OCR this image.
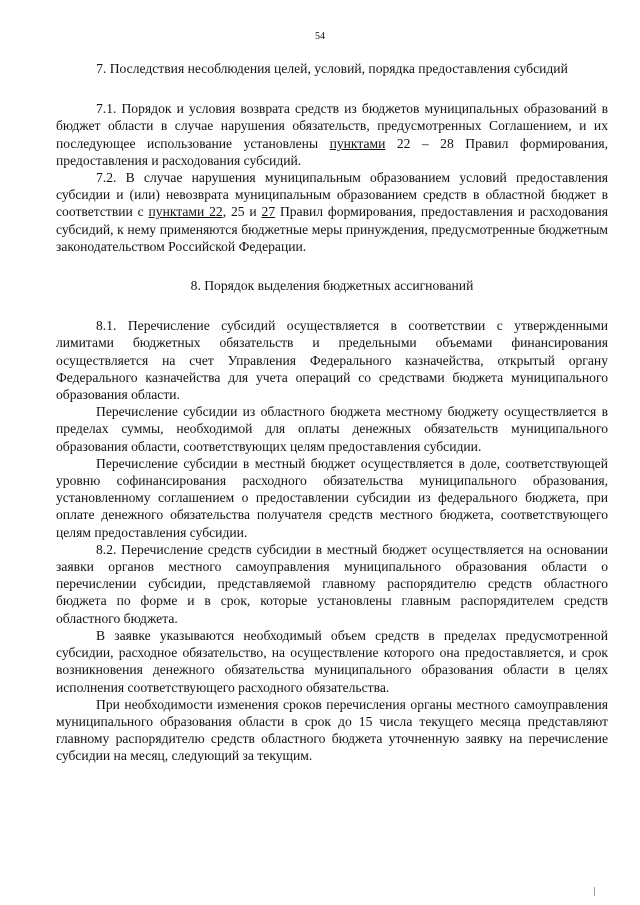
54
7. Последствия несоблюдения целей, условий, порядка предоставления субсидий

7.1. Порядок и условия возврата средств из бюджетов муниципальных образований в бюджет области в случае нарушения обязательств, предусмотренных Соглашением, и их последующее использование установлены пунктами 22 – 28 Правил формирования, предоставления и расходования субсидий.

7.2. В случае нарушения муниципальным образованием условий предоставления субсидии и (или) невозврата муниципальным образованием средств в областной бюджет в соответствии с пунктами 22, 25 и 27 Правил формирования, предоставления и расходования субсидий, к нему применяются бюджетные меры принуждения, предусмотренные бюджетным законодательством Российской Федерации.

8. Порядок выделения бюджетных ассигнований

8.1. Перечисление субсидий осуществляется в соответствии с утвержденными лимитами бюджетных обязательств и предельными объемами финансирования осуществляется на счет Управления Федерального казначейства, открытый органу Федерального казначейства для учета операций со средствами бюджета муниципального образования области.

Перечисление субсидии из областного бюджета местному бюджету осуществляется в пределах суммы, необходимой для оплаты денежных обязательств муниципального образования области, соответствующих целям предоставления субсидии.

Перечисление субсидии в местный бюджет осуществляется в доле, соответствующей уровню софинансирования расходного обязательства муниципального образования, установленному соглашением о предоставлении субсидии из федерального бюджета, при оплате денежного обязательства получателя средств местного бюджета, соответствующего целям предоставления субсидии.

8.2. Перечисление средств субсидии в местный бюджет осуществляется на основании заявки органов местного самоуправления муниципального образования области о перечислении субсидии, представляемой главному распорядителю средств областного бюджета по форме и в срок, которые установлены главным распорядителем средств областного бюджета.

В заявке указываются необходимый объем средств в пределах предусмотренной субсидии, расходное обязательство, на осуществление которого она предоставляется, и срок возникновения денежного обязательства муниципального образования области в целях исполнения соответствующего расходного обязательства.

При необходимости изменения сроков перечисления органы местного самоуправления муниципального образования области в срок до 15 числа текущего месяца представляют главному распорядителю средств областного бюджета уточненную заявку на перечисление субсидии на месяц, следующий за текущим.
